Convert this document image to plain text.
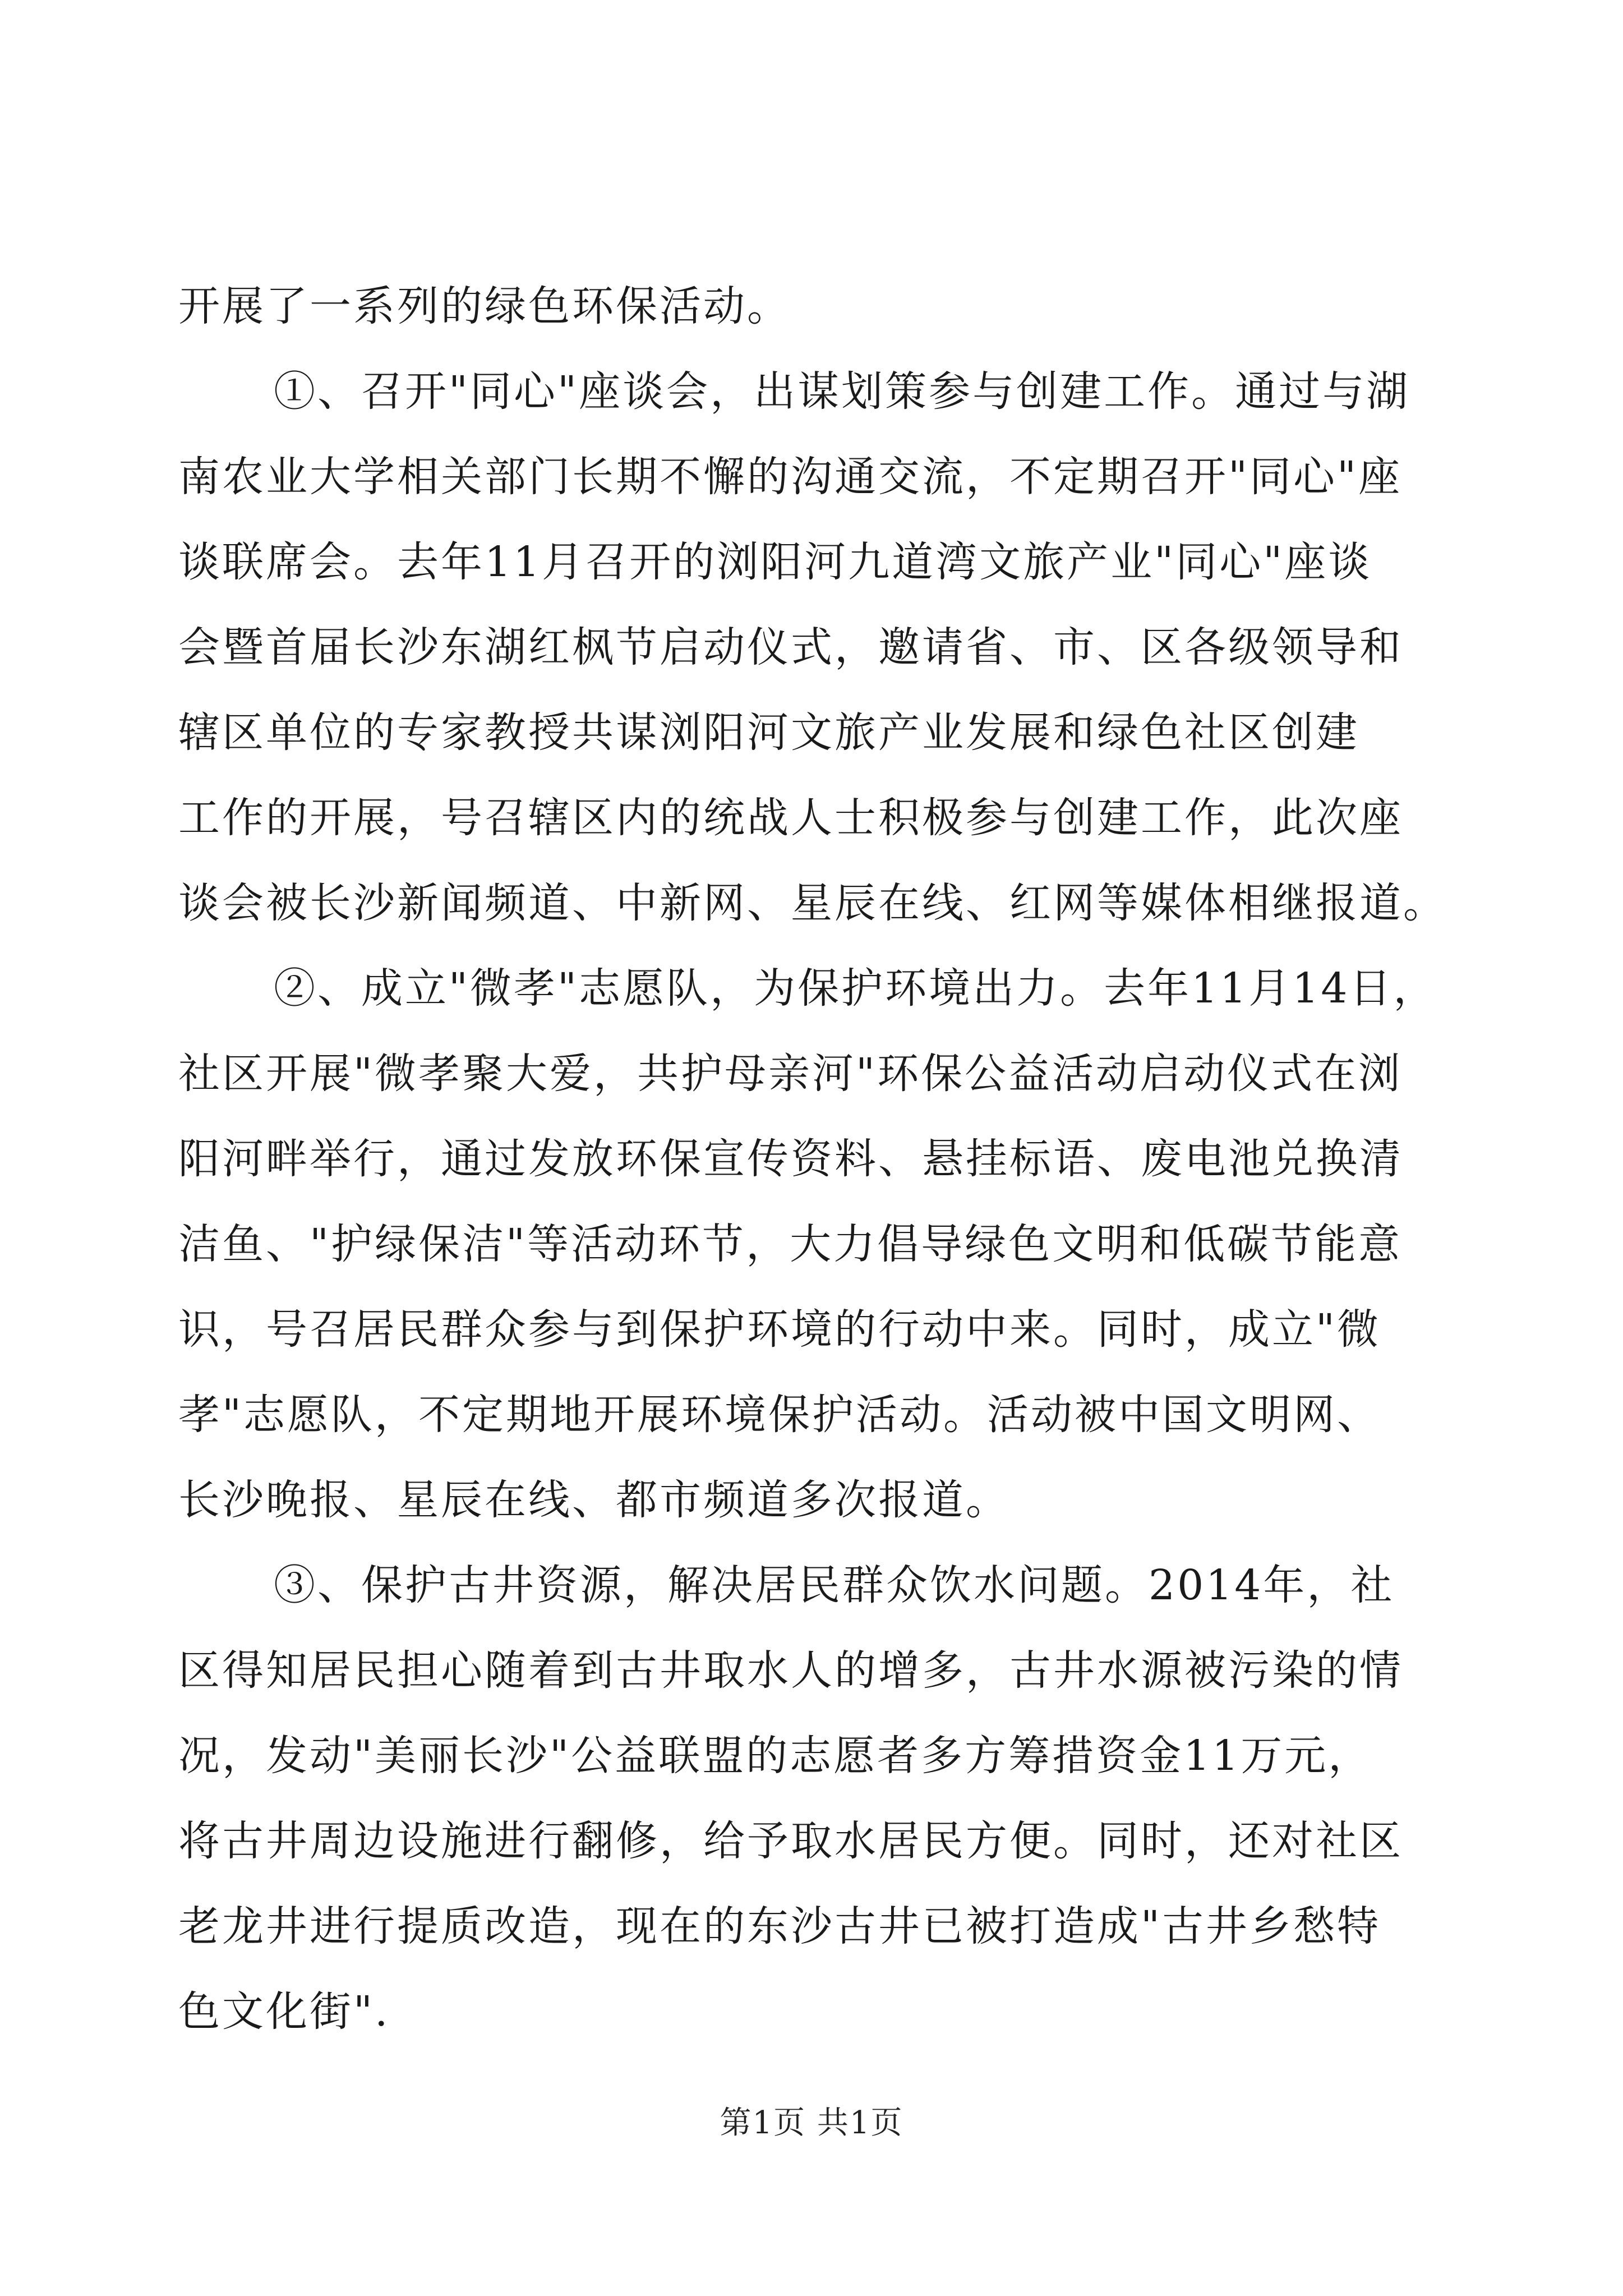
开展了一系列的绿色环保活动。
①、召开"同心"座谈会，出谋划策参与创建工作。通过与湖
南农业大学相关部门长期不懈的沟通交流，不定期召开"同心"座
谈联席会。去年11月召开的浏阳河九道湾文旅产业"同心"座谈
会暨首届长沙东湖红枫节启动仪式，邀请省、市、区各级领导和
辖区单位的专家教授共谋浏阳河文旅产业发展和绿色社区创建
工作的开展，号召辖区内的统战人士积极参与创建工作，此次座
谈会被长沙新闻频道、中新网、星辰在线、红网等媒体相继报道。
②、成立"微孝"志愿队，为保护环境出力。去年11月14日，
社区开展"微孝聚大爱，共护母亲河"环保公益活动启动仪式在浏
阳河畔举行，通过发放环保宣传资料、悬挂标语、废电池兑换清
洁鱼、"护绿保洁"等活动环节，大力倡导绿色文明和低碳节能意
识，号召居民群众参与到保护环境的行动中来。同时，成立"微
孝"志愿队，不定期地开展环境保护活动。活动被中国文明网、
长沙晚报、星辰在线、都市频道多次报道。
③、保护古井资源，解决居民群众饮水问题。2014年，社
区得知居民担心随着到古井取水人的增多，古井水源被污染的情
况，发动"美丽长沙"公益联盟的志愿者多方筹措资金11万元，
将古井周边设施进行翻修，给予取水居民方便。同时，还对社区
老龙井进行提质改造，现在的东沙古井已被打造成"古井乡愁特
色文化街".
第1页 共1页
